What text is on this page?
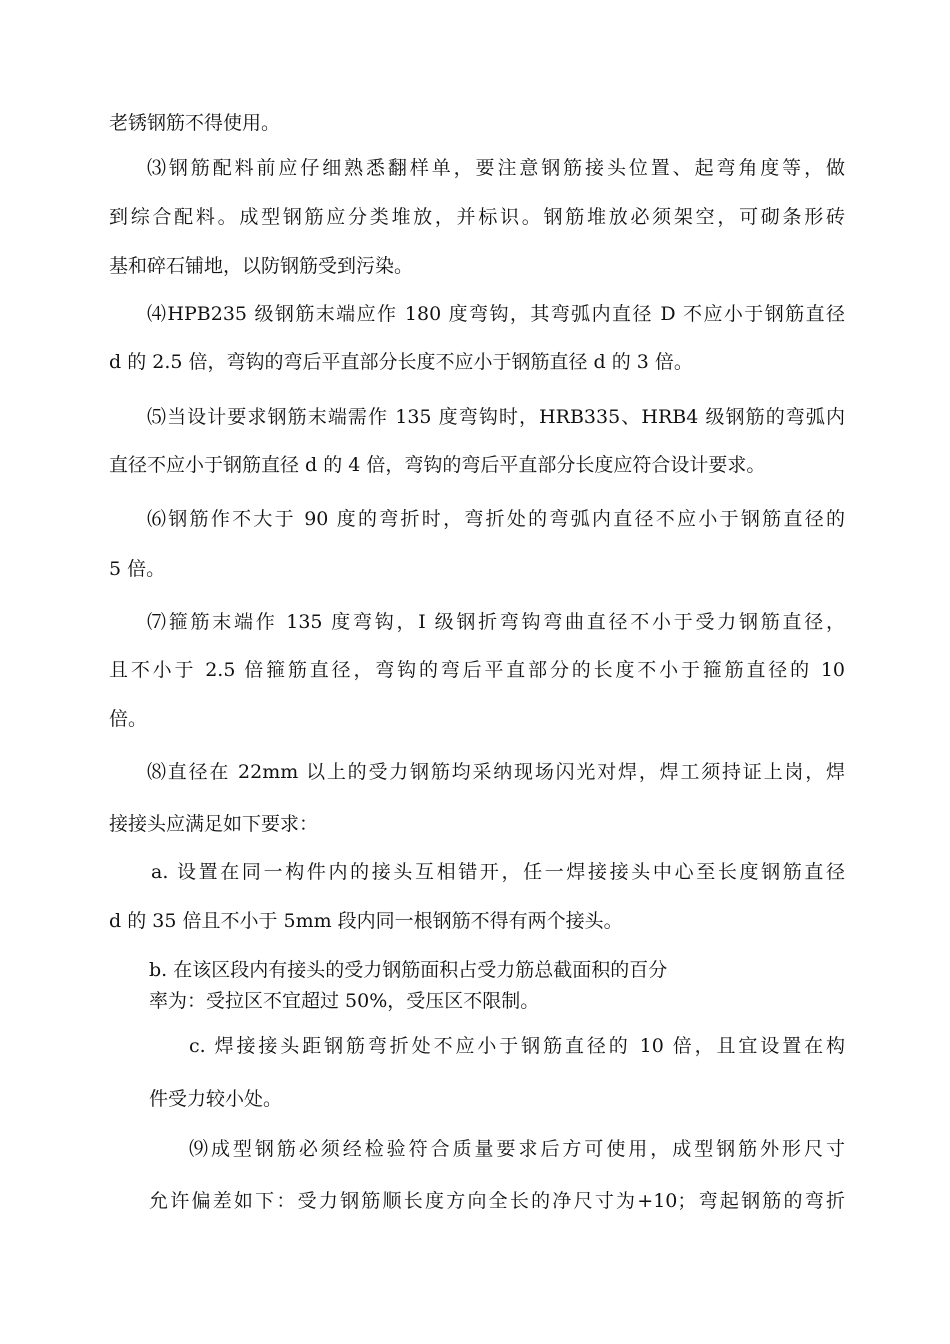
老锈钢筋不得使用。
⑶钢筋配料前应仔细熟悉翻样单，要注意钢筋接头位置、起弯角度等，做
到综合配料。成型钢筋应分类堆放，并标识。钢筋堆放必须架空，可砌条形砖
基和碎石铺地，以防钢筋受到污染。
⑷HPB235 级钢筋末端应作 180 度弯钩，其弯弧内直径 D 不应小于钢筋直径
d 的 2.5 倍，弯钩的弯后平直部分长度不应小于钢筋直径 d 的 3 倍。
⑸当设计要求钢筋末端需作 135 度弯钩时，HRB335、HRB4 级钢筋的弯弧内
直径不应小于钢筋直径 d 的 4 倍，弯钩的弯后平直部分长度应符合设计要求。
⑹钢筋作不大于 90 度的弯折时，弯折处的弯弧内直径不应小于钢筋直径的
5 倍。
⑺箍筋末端作 135 度弯钩，I 级钢折弯钩弯曲直径不小于受力钢筋直径，
且不小于 2.5 倍箍筋直径，弯钩的弯后平直部分的长度不小于箍筋直径的 10
倍。
⑻直径在 22mm 以上的受力钢筋均采纳现场闪光对焊，焊工须持证上岗，焊
接接头应满足如下要求：
a. 设置在同一构件内的接头互相错开，任一焊接接头中心至长度钢筋直径
d 的 35 倍且不小于 5mm 段内同一根钢筋不得有两个接头。
b. 在该区段内有接头的受力钢筋面积占受力筋总截面积的百分
率为：受拉区不宜超过 50%，受压区不限制。
c. 焊接接头距钢筋弯折处不应小于钢筋直径的 10 倍，且宜设置在构
件受力较小处。
⑼成型钢筋必须经检验符合质量要求后方可使用，成型钢筋外形尺寸
允许偏差如下：受力钢筋顺长度方向全长的净尺寸为+10；弯起钢筋的弯折
